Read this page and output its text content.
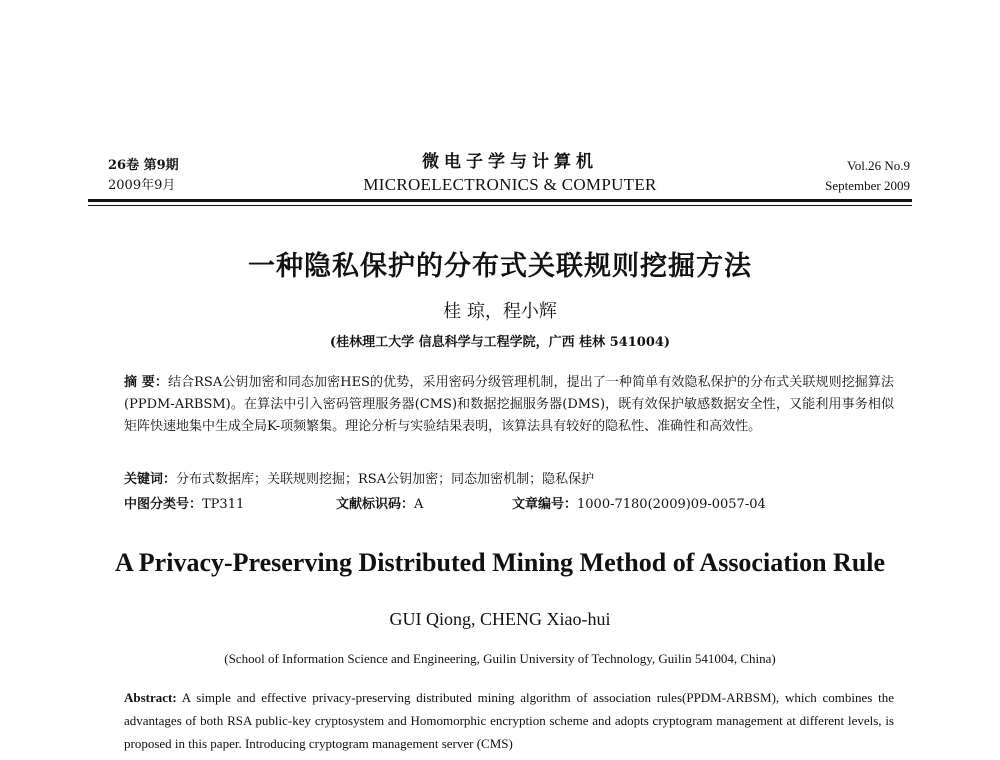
26卷 第9期
2009年9月
微电子学与计算机
MICROELECTRONICS & COMPUTER
Vol.26 No.9
September 2009
一种隐私保护的分布式关联规则挖掘方法
桂 琼，程小辉
(桂林理工大学 信息科学与工程学院，广西 桂林 541004)
摘 要：结合RSA公钥加密和同态加密HES的优势，采用密码分级管理机制，提出了一种简单有效隐私保护的分布式关联规则挖掘算法(PPDM-ARBSM)。在算法中引入密码管理服务器(CMS)和数据挖掘服务器(DMS)，既有效保护敏感数据安全性，又能利用事务相似矩阵快速地集中生成全局K-项频繁集。理论分析与实验结果表明，该算法具有较好的隐私性、准确性和高效性。
关键词：分布式数据库；关联规则挖掘；RSA公钥加密；同态加密机制；隐私保护
中图分类号：TP311	文献标识码：A	文章编号：1000-7180(2009)09-0057-04
A Privacy-Preserving Distributed Mining Method of Association Rule
GUI Qiong, CHENG Xiao-hui
(School of Information Science and Engineering, Guilin University of Technology, Guilin 541004, China)
Abstract: A simple and effective privacy-preserving distributed mining algorithm of association rules(PPDM-ARBSM), which combines the advantages of both RSA public-key cryptosystem and Homomorphic encryption scheme and adopts cryptogram management at different levels, is proposed in this paper. Introducing cryptogram management server (CMS)
